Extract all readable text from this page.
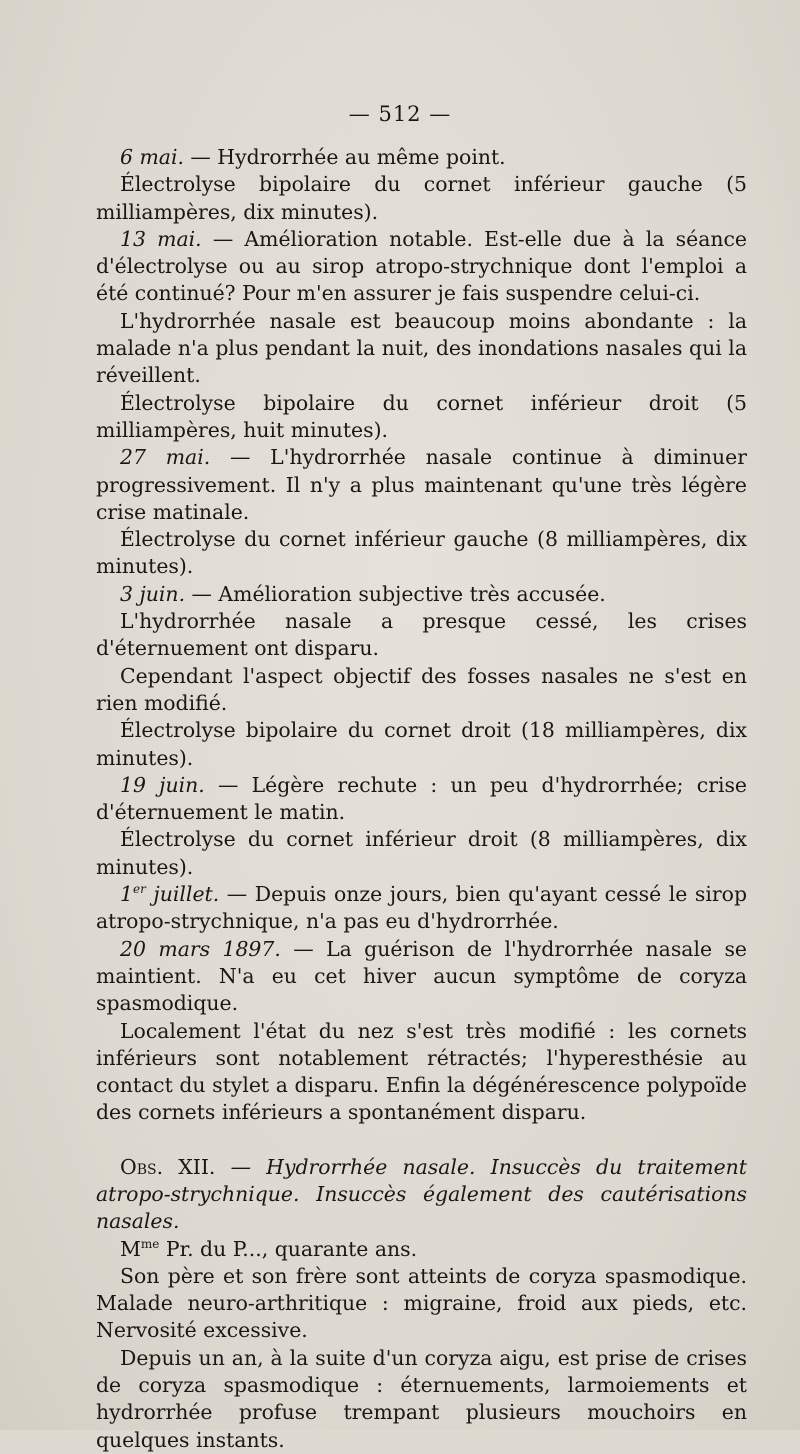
— 512 —

6 mai. — Hydrorrhée au même point.

Électrolyse bipolaire du cornet inférieur gauche (5 milliampères, dix minutes).

13 mai. — Amélioration notable. Est-elle due à la séance d'électrolyse ou au sirop atropo-strychnique dont l'emploi a été continué? Pour m'en assurer je fais suspendre celui-ci.

L'hydrorrhée nasale est beaucoup moins abondante : la malade n'a plus pendant la nuit, des inondations nasales qui la réveillent.

Électrolyse bipolaire du cornet inférieur droit (5 milliampères, huit minutes).

27 mai. — L'hydrorrhée nasale continue à diminuer progressivement. Il n'y a plus maintenant qu'une très légère crise matinale.

Électrolyse du cornet inférieur gauche (8 milliampères, dix minutes).

3 juin. — Amélioration subjective très accusée.

L'hydrorrhée nasale a presque cessé, les crises d'éternuement ont disparu.

Cependant l'aspect objectif des fosses nasales ne s'est en rien modifié.

Électrolyse bipolaire du cornet droit (18 milliampères, dix minutes).

19 juin. — Légère rechute : un peu d'hydrorrhée; crise d'éternuement le matin.

Électrolyse du cornet inférieur droit (8 milliampères, dix minutes).

1er juillet. — Depuis onze jours, bien qu'ayant cessé le sirop atropo-strychnique, n'a pas eu d'hydrorrhée.

20 mars 1897. — La guérison de l'hydrorrhée nasale se maintient. N'a eu cet hiver aucun symptôme de coryza spasmodique.

Localement l'état du nez s'est très modifié : les cornets inférieurs sont notablement rétractés; l'hyperesthésie au contact du stylet a disparu. Enfin la dégénérescence polypoïde des cornets inférieurs a spontanément disparu.

Obs. XII. — Hydrorrhée nasale. Insuccès du traitement atropo-strychnique. Insuccès également des cautérisations nasales.

$M^{me}$ Pr. du P..., quarante ans.

Son père et son frère sont atteints de coryza spasmodique. Malade neuro-arthritique : migraine, froid aux pieds, etc. Nervosité excessive.

Depuis un an, à la suite d'un coryza aigu, est prise de crises de coryza spasmodique : éternuements, larmoiements et hydrorrhée profuse trempant plusieurs mouchoirs en quelques instants.
